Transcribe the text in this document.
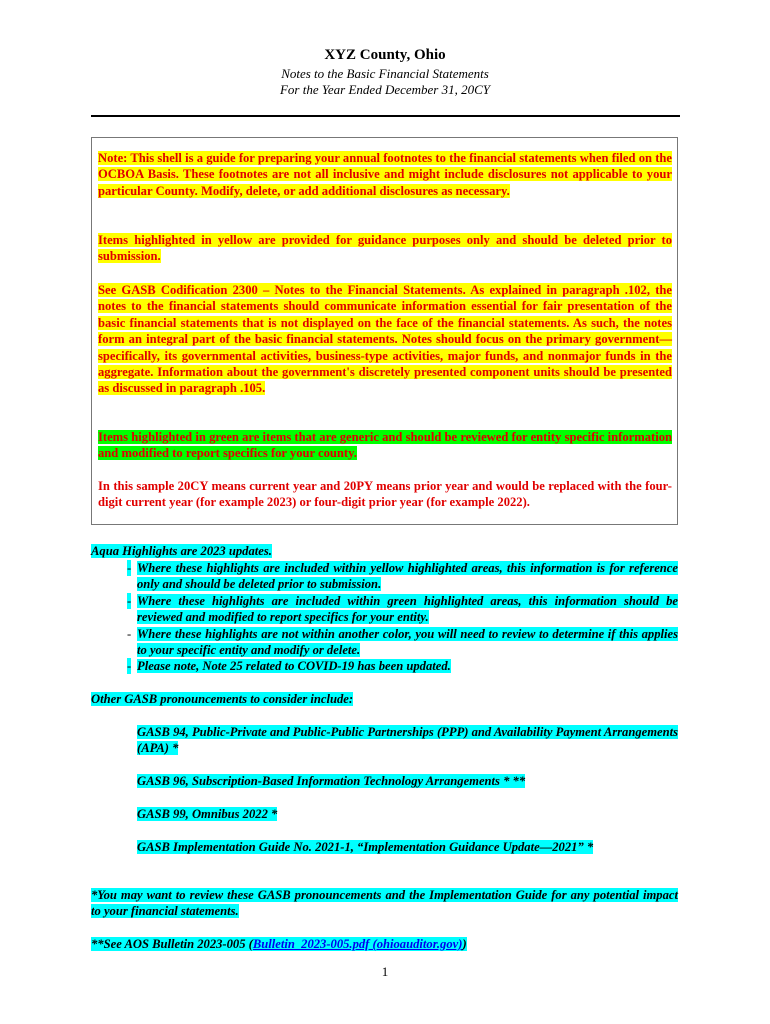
XYZ County, Ohio
Notes to the Basic Financial Statements
For the Year Ended December 31, 20CY

Note: This shell is a guide for preparing your annual footnotes to the financial statements when filed on the OCBOA Basis. These footnotes are not all inclusive and might include disclosures not applicable to your particular County. Modify, delete, or add additional disclosures as necessary.

Items highlighted in yellow are provided for guidance purposes only and should be deleted prior to submission.

See GASB Codification 2300 – Notes to the Financial Statements. As explained in paragraph .102, the notes to the financial statements should communicate information essential for fair presentation of the basic financial statements that is not displayed on the face of the financial statements. As such, the notes form an integral part of the basic financial statements. Notes should focus on the primary government—specifically, its governmental activities, business-type activities, major funds, and nonmajor funds in the aggregate. Information about the government's discretely presented component units should be presented as discussed in paragraph .105.

Items highlighted in green are items that are generic and should be reviewed for entity specific information and modified to report specifics for your county.

In this sample 20CY means current year and 20PY means prior year and would be replaced with the four-digit current year (for example 2023) or four-digit prior year (for example 2022).

Aqua Highlights are 2023 updates.

- Where these highlights are included within yellow highlighted areas, this information is for reference only and should be deleted prior to submission.

- Where these highlights are included within green highlighted areas, this information should be reviewed and modified to report specifics for your entity.

- Where these highlights are not within another color, you will need to review to determine if this applies to your specific entity and modify or delete.

- Please note, Note 25 related to COVID-19 has been updated.

Other GASB pronouncements to consider include:

GASB 94, Public-Private and Public-Public Partnerships (PPP) and Availability Payment Arrangements (APA) *

GASB 96, Subscription-Based Information Technology Arrangements * **

GASB 99, Omnibus 2022 *

GASB Implementation Guide No. 2021-1, “Implementation Guidance Update—2021” *

*You may want to review these GASB pronouncements and the Implementation Guide for any potential impact to your financial statements.

**See AOS Bulletin 2023-005 (Bulletin_2023-005.pdf (ohioauditor.gov))

1
